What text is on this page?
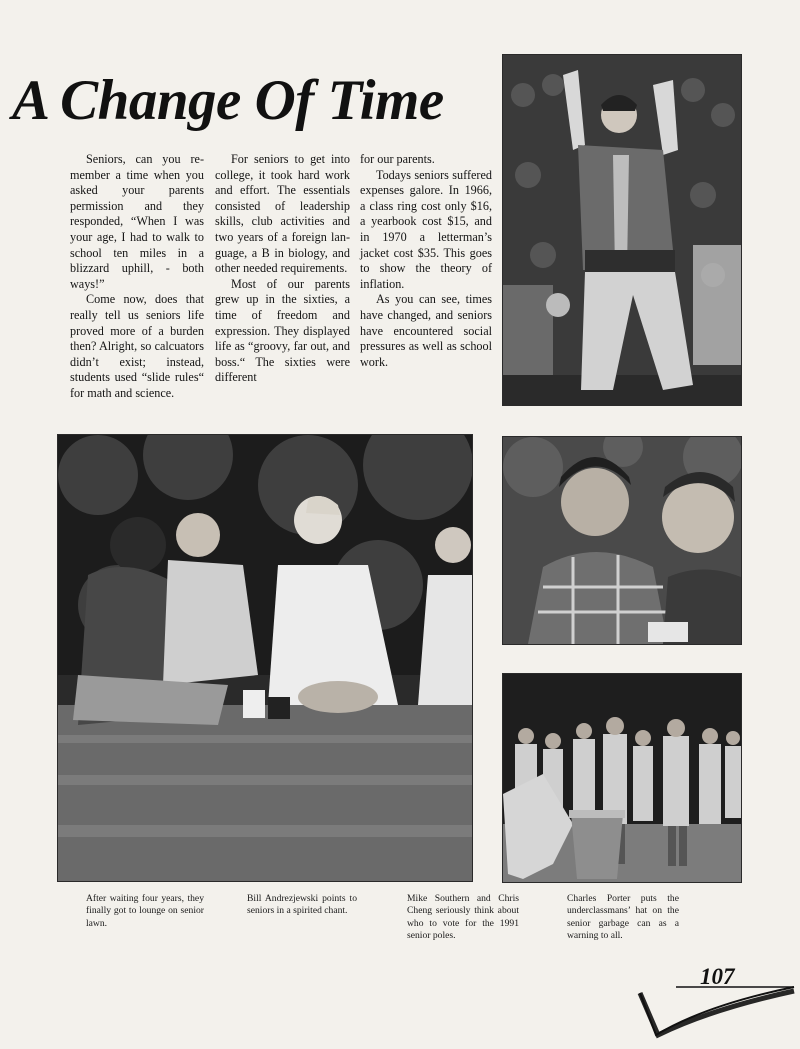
A Change Of Time

Seniors, can you remember a time when you asked your parents permission and they responded, “When I was your age, I had to walk to school ten miles in a blizzard uphill, - both ways!”

Come now, does that really tell us seniors life proved more of a burden then? Alright, so calcuators didn’t exist; instead, students used “slide rules“ for math and science.

For seniors to get into college, it took hard work and effort. The essentials consisted of leadership skills, club activities and two years of a foreign language, a B in biology, and other needed requirements.

Most of our parents grew up in the sixties, a time of freedom and expression. They displayed life as “groovy, far out, and boss.“ The sixties were different

for our parents.

Todays seniors suffered expenses galore. In 1966, a class ring cost only $16, a yearbook cost $15, and in 1970 a letterman’s jacket cost $35. This goes to show the theory of inflation.

As you can see, times have changed, and seniors have encountered social pressures as well as school work.

After waiting four years, they finally got to lounge on senior lawn.
Bill Andrezjewski points to seniors in a spirited chant.
Mike Southern and Chris Cheng seriously think about who to vote for the 1991 senior poles.
Charles Porter puts the underclassmans’ hat on the senior garbage can as a warning to all.
107
